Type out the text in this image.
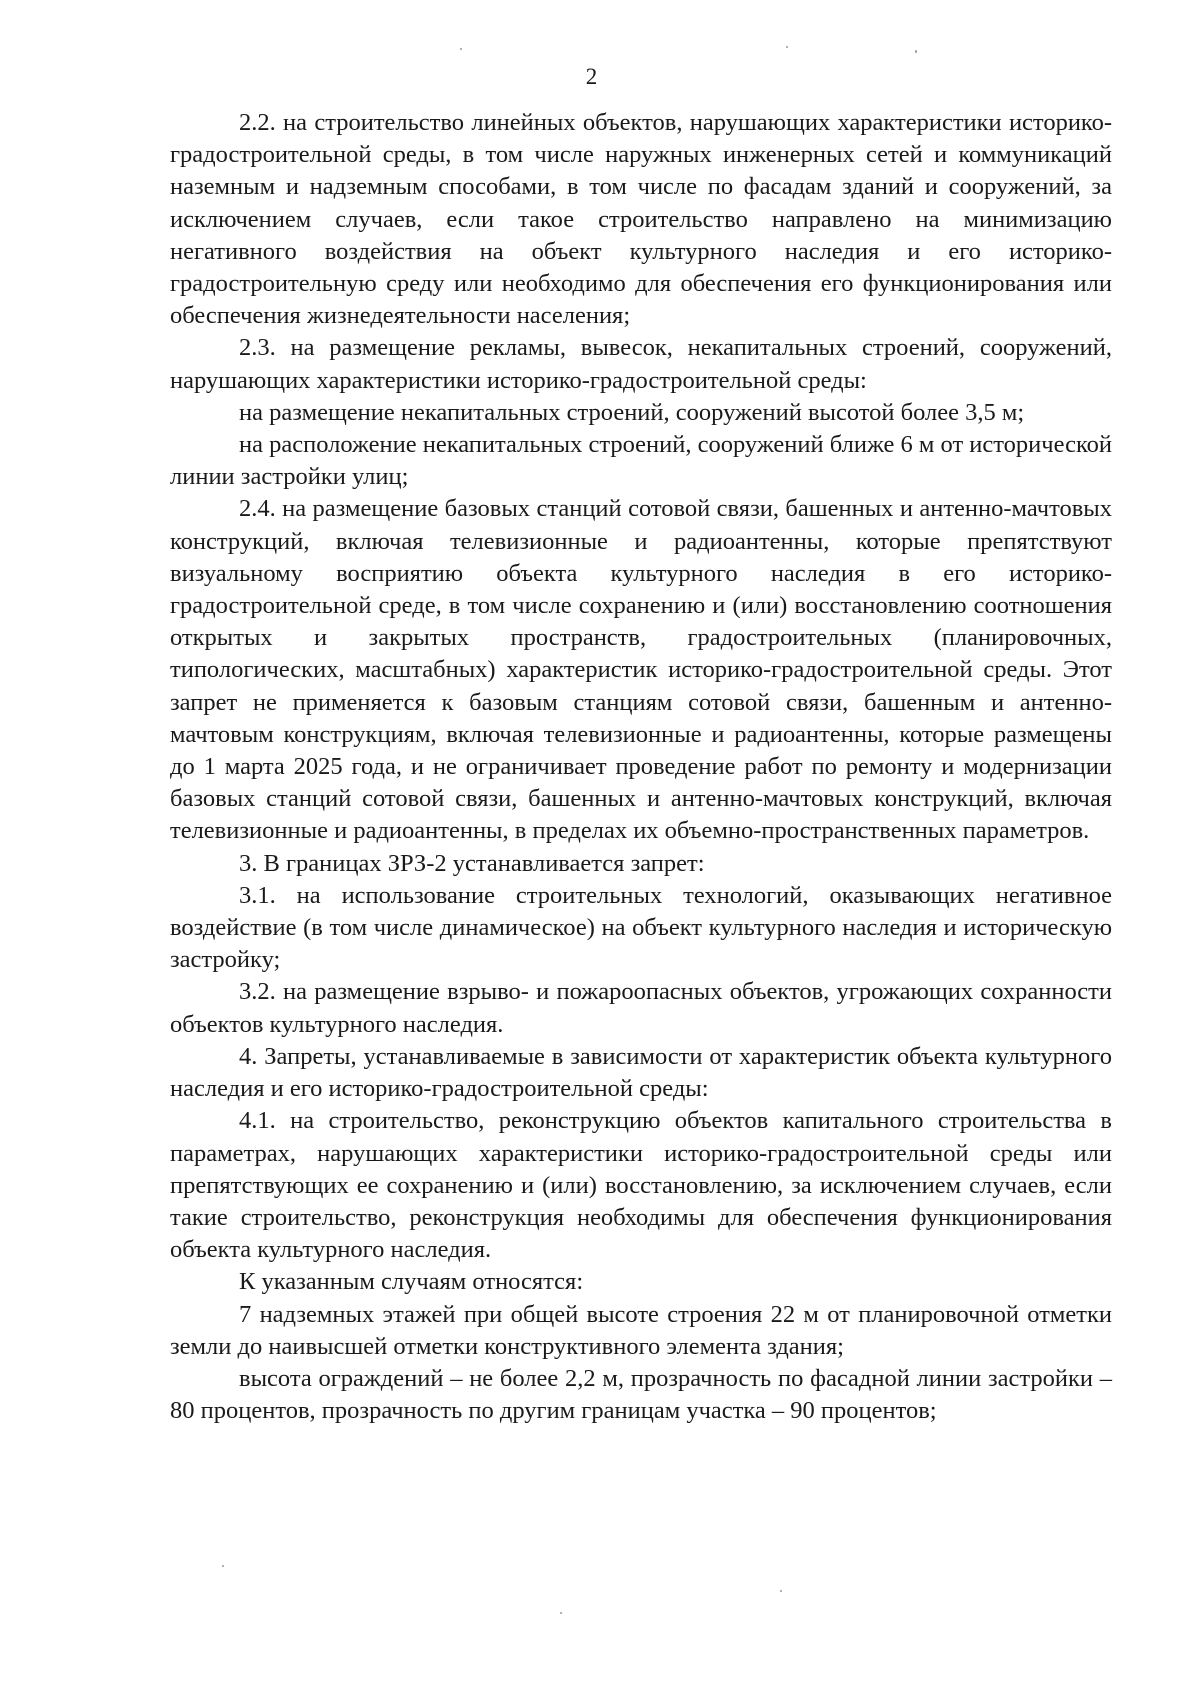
2

2.2. на строительство линейных объектов, нарушающих характеристики историко-градостроительной среды, в том числе наружных инженерных сетей и коммуникаций наземным и надземным способами, в том числе по фасадам зданий и сооружений, за исключением случаев, если такое строительство направлено на минимизацию негативного воздействия на объект культурного наследия и его историко-градостроительную среду или необходимо для обеспечения его функционирования или обеспечения жизнедеятельности населения;

2.3. на размещение рекламы, вывесок, некапитальных строений, сооружений, нарушающих характеристики историко-градостроительной среды:

на размещение некапитальных строений, сооружений высотой более 3,5 м;

на расположение некапитальных строений, сооружений ближе 6 м от исторической линии застройки улиц;

2.4. на размещение базовых станций сотовой связи, башенных и антенно-мачтовых конструкций, включая телевизионные и радиоантенны, которые препятствуют визуальному восприятию объекта культурного наследия в его историко-градостроительной среде, в том числе сохранению и (или) восстановлению соотношения открытых и закрытых пространств, градостроительных (планировочных, типологических, масштабных) характеристик историко-градостроительной среды. Этот запрет не применяется к базовым станциям сотовой связи, башенным и антенно-мачтовым конструкциям, включая телевизионные и радиоантенны, которые размещены до 1 марта 2025 года, и не ограничивает проведение работ по ремонту и модернизации базовых станций сотовой связи, башенных и антенно-мачтовых конструкций, включая телевизионные и радиоантенны, в пределах их объемно-пространственных параметров.

3. В границах ЗРЗ-2 устанавливается запрет:

3.1. на использование строительных технологий, оказывающих негативное воздействие (в том числе динамическое) на объект культурного наследия и историческую застройку;

3.2. на размещение взрыво- и пожароопасных объектов, угрожающих сохранности объектов культурного наследия.

4. Запреты, устанавливаемые в зависимости от характеристик объекта культурного наследия и его историко-градостроительной среды:

4.1. на строительство, реконструкцию объектов капитального строительства в параметрах, нарушающих характеристики историко-градостроительной среды или препятствующих ее сохранению и (или) восстановлению, за исключением случаев, если такие строительство, реконструкция необходимы для обеспечения функционирования объекта культурного наследия.

К указанным случаям относятся:

7 надземных этажей при общей высоте строения 22 м от планировочной отметки земли до наивысшей отметки конструктивного элемента здания;

высота ограждений – не более 2,2 м, прозрачность по фасадной линии застройки – 80 процентов, прозрачность по другим границам участка – 90 процентов;
